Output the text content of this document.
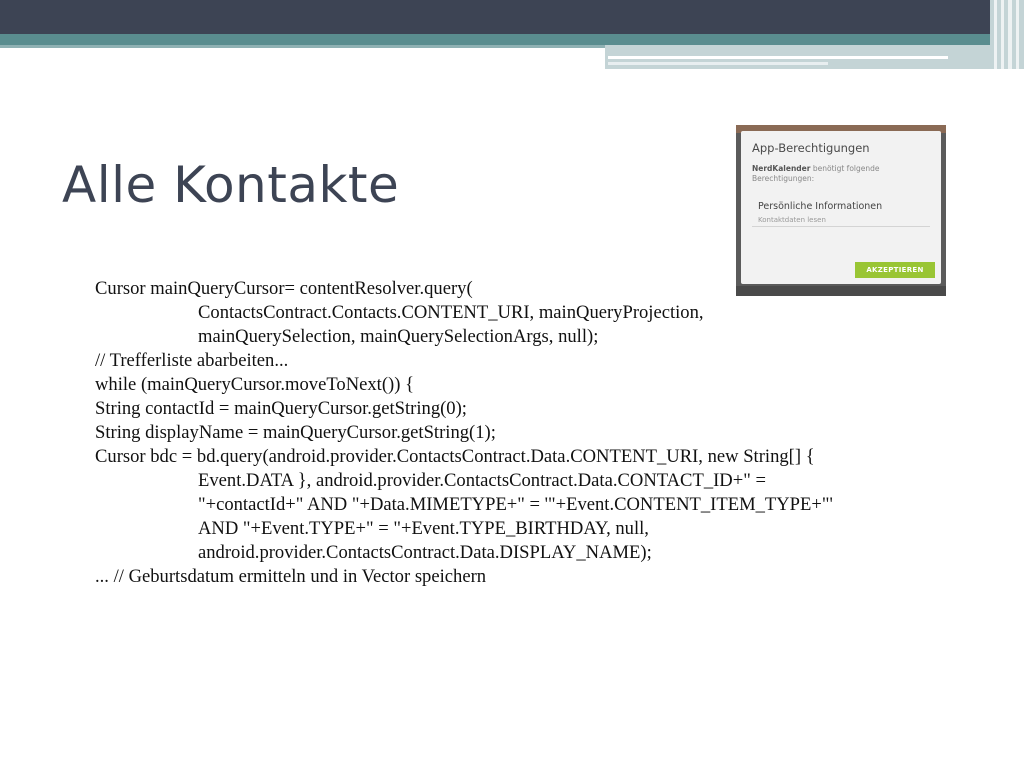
Alle Kontakte
Cursor mainQueryCursor= contentResolver.query(
ContactsContract.Contacts.CONTENT_URI, mainQueryProjection,
mainQuerySelection, mainQuerySelectionArgs, null);
// Trefferliste abarbeiten...
while (mainQueryCursor.moveToNext()) {
String contactId = mainQueryCursor.getString(0);
String displayName = mainQueryCursor.getString(1);
Cursor bdc = bd.query(android.provider.ContactsContract.Data.CONTENT_URI, new String[] {
Event.DATA }, android.provider.ContactsContract.Data.CONTACT_ID+" =
"+contactId+" AND "+Data.MIMETYPE+" = '"+Event.CONTENT_ITEM_TYPE+"'
AND "+Event.TYPE+" = "+Event.TYPE_BIRTHDAY, null,
android.provider.ContactsContract.Data.DISPLAY_NAME);
... // Geburtsdatum ermitteln und in Vector speichern
App-Berechtigungen
NerdKalender benötigt folgende Berechtigungen:
Persönliche Informationen
Kontaktdaten lesen
AKZEPTIEREN
